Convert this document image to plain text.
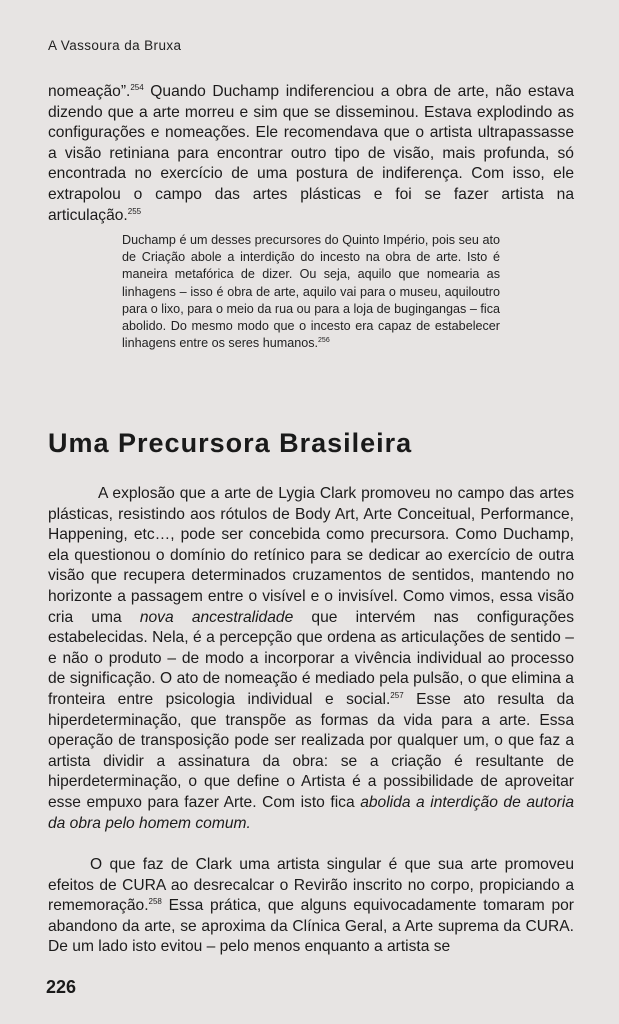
A Vassoura da Bruxa

nomeação”.$^{254}$ Quando Duchamp indiferenciou a obra de arte, não estava dizendo que a arte morreu e sim que se disseminou. Estava explodindo as configurações e nomeações. Ele recomendava que o artista ultrapassasse a visão retiniana para encontrar outro tipo de visão, mais profunda, só encontrada no exercício de uma postura de indiferença. Com isso, ele extrapolou o campo das artes plásticas e foi se fazer artista na articulação.$^{255}$

Duchamp é um desses precursores do Quinto Império, pois seu ato de Criação abole a interdição do incesto na obra de arte. Isto é maneira metafórica de dizer. Ou seja, aquilo que nomearia as linhagens – isso é obra de arte, aquilo vai para o museu, aquiloutro para o lixo, para o meio da rua ou para a loja de bugingangas – fica abolido. Do mesmo modo que o incesto era capaz de estabelecer linhagens entre os seres humanos.$^{256}$

Uma Precursora Brasileira

A explosão que a arte de Lygia Clark promoveu no campo das artes plásticas, resistindo aos rótulos de Body Art, Arte Conceitual, Performance, Happening, etc…, pode ser concebida como precursora. Como Duchamp, ela questionou o domínio do retínico para se dedicar ao exercício de outra visão que recupera determinados cruzamentos de sentidos, mantendo no horizonte a passagem entre o visível e o invisível. Como vimos, essa visão cria uma nova ancestralidade que intervém nas configurações estabelecidas. Nela, é a percepção que ordena as articulações de sentido – e não o produto – de modo a incorporar a vivência individual ao processo de significação. O ato de nomeação é mediado pela pulsão, o que elimina a fronteira entre psicologia individual e social.$^{257}$ Esse ato resulta da hiperdeterminação, que transpõe as formas da vida para a arte. Essa operação de transposição pode ser realizada por qualquer um, o que faz a artista dividir a assinatura da obra: se a criação é resultante de hiperdeterminação, o que define o Artista é a possibilidade de aproveitar esse empuxo para fazer Arte. Com isto fica abolida a interdição de autoria da obra pelo homem comum.

O que faz de Clark uma artista singular é que sua arte promoveu efeitos de CURA ao desrecalcar o Revirão inscrito no corpo, propiciando a rememoração.$^{258}$ Essa prática, que alguns equivocadamente tomaram por abandono da arte, se aproxima da Clínica Geral, a Arte suprema da CURA. De um lado isto evitou – pelo menos enquanto a artista se

226
